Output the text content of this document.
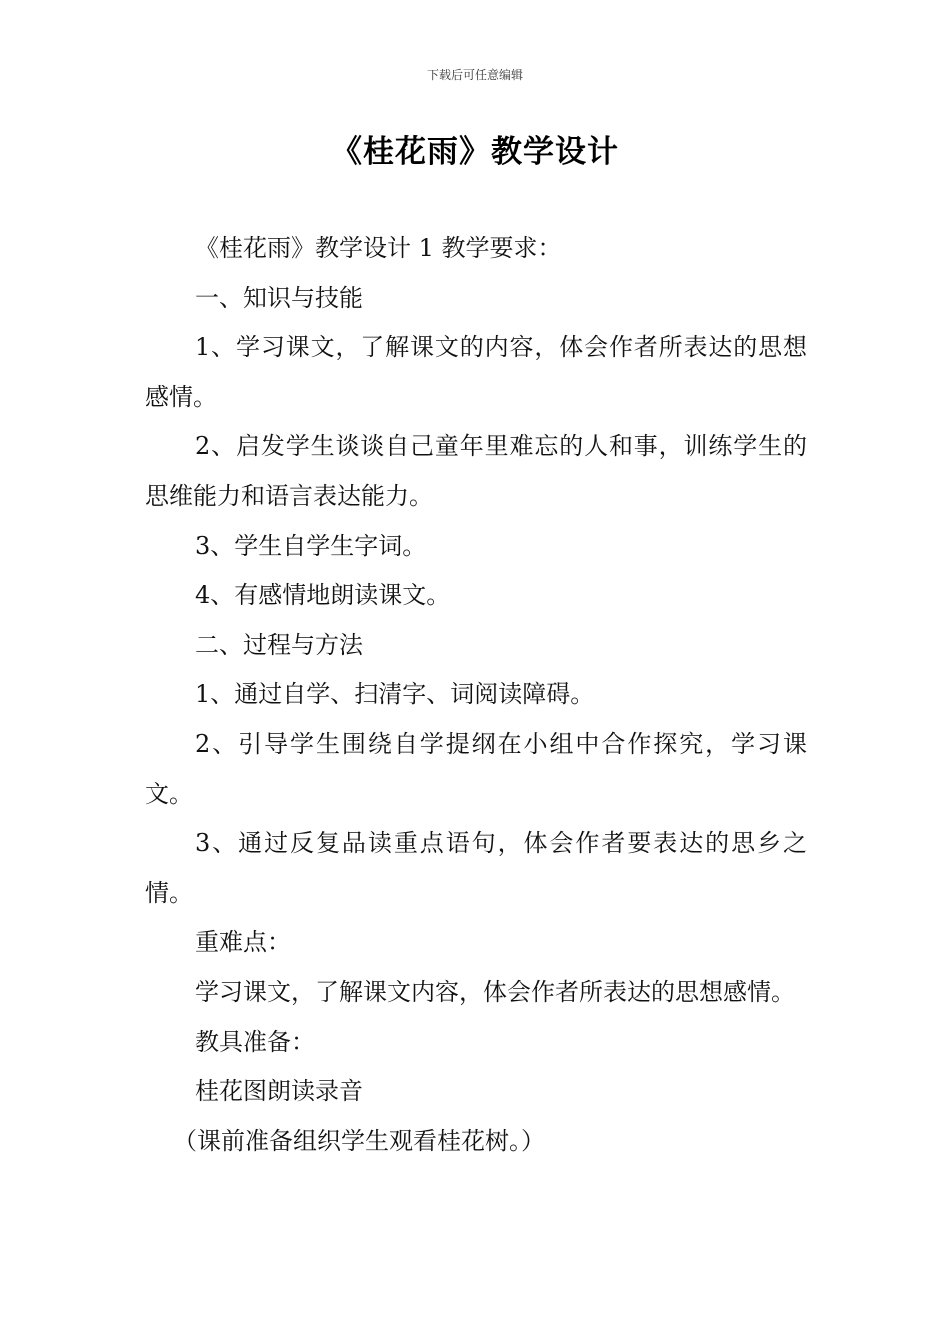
下载后可任意编辑
《桂花雨》教学设计

《桂花雨》教学设计 1 教学要求：

一、知识与技能

1、学习课文，了解课文的内容，体会作者所表达的思想感情。

2、启发学生谈谈自己童年里难忘的人和事，训练学生的思维能力和语言表达能力。

3、学生自学生字词。

4、有感情地朗读课文。

二、过程与方法

1、通过自学、扫清字、词阅读障碍。

2、引导学生围绕自学提纲在小组中合作探究，学习课文。

3、通过反复品读重点语句，体会作者要表达的思乡之情。

重难点：

学习课文，了解课文内容，体会作者所表达的思想感情。

教具准备：

桂花图朗读录音

（课前准备组织学生观看桂花树。）
